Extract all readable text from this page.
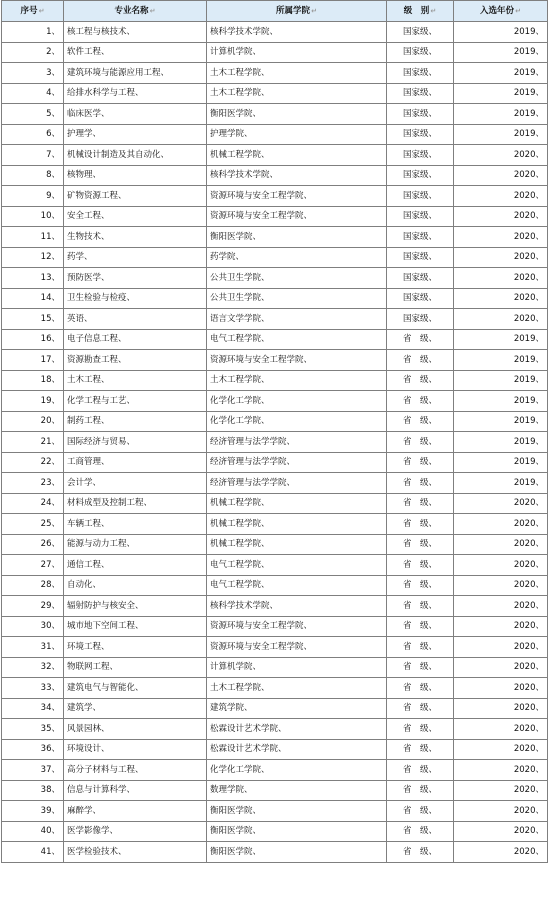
序号↵	专业名称↵	所属学院↵	级　别↵	入选年份↵
1、	核工程与核技术、	核科学技术学院、	国家级、	2019、
2、	软件工程、	计算机学院、	国家级、	2019、
3、	建筑环境与能源应用工程、	土木工程学院、	国家级、	2019、
4、	给排水科学与工程、	土木工程学院、	国家级、	2019、
5、	临床医学、	衡阳医学院、	国家级、	2019、
6、	护理学、	护理学院、	国家级、	2019、
7、	机械设计制造及其自动化、	机械工程学院、	国家级、	2020、
8、	核物理、	核科学技术学院、	国家级、	2020、
9、	矿物资源工程、	资源环境与安全工程学院、	国家级、	2020、
10、	安全工程、	资源环境与安全工程学院、	国家级、	2020、
11、	生物技术、	衡阳医学院、	国家级、	2020、
12、	药学、	药学院、	国家级、	2020、
13、	预防医学、	公共卫生学院、	国家级、	2020、
14、	卫生检验与检疫、	公共卫生学院、	国家级、	2020、
15、	英语、	语言文学学院、	国家级、	2020、
16、	电子信息工程、	电气工程学院、	省　级、	2019、
17、	资源勘查工程、	资源环境与安全工程学院、	省　级、	2019、
18、	土木工程、	土木工程学院、	省　级、	2019、
19、	化学工程与工艺、	化学化工学院、	省　级、	2019、
20、	制药工程、	化学化工学院、	省　级、	2019、
21、	国际经济与贸易、	经济管理与法学学院、	省　级、	2019、
22、	工商管理、	经济管理与法学学院、	省　级、	2019、
23、	会计学、	经济管理与法学学院、	省　级、	2019、
24、	材料成型及控制工程、	机械工程学院、	省　级、	2020、
25、	车辆工程、	机械工程学院、	省　级、	2020、
26、	能源与动力工程、	机械工程学院、	省　级、	2020、
27、	通信工程、	电气工程学院、	省　级、	2020、
28、	自动化、	电气工程学院、	省　级、	2020、
29、	辐射防护与核安全、	核科学技术学院、	省　级、	2020、
30、	城市地下空间工程、	资源环境与安全工程学院、	省　级、	2020、
31、	环境工程、	资源环境与安全工程学院、	省　级、	2020、
32、	物联网工程、	计算机学院、	省　级、	2020、
33、	建筑电气与智能化、	土木工程学院、	省　级、	2020、
34、	建筑学、	建筑学院、	省　级、	2020、
35、	风景园林、	松霖设计艺术学院、	省　级、	2020、
36、	环境设计、	松霖设计艺术学院、	省　级、	2020、
37、	高分子材料与工程、	化学化工学院、	省　级、	2020、
38、	信息与计算科学、	数理学院、	省　级、	2020、
39、	麻醉学、	衡阳医学院、	省　级、	2020、
40、	医学影像学、	衡阳医学院、	省　级、	2020、
41、	医学检验技术、	衡阳医学院、	省　级、	2020、
